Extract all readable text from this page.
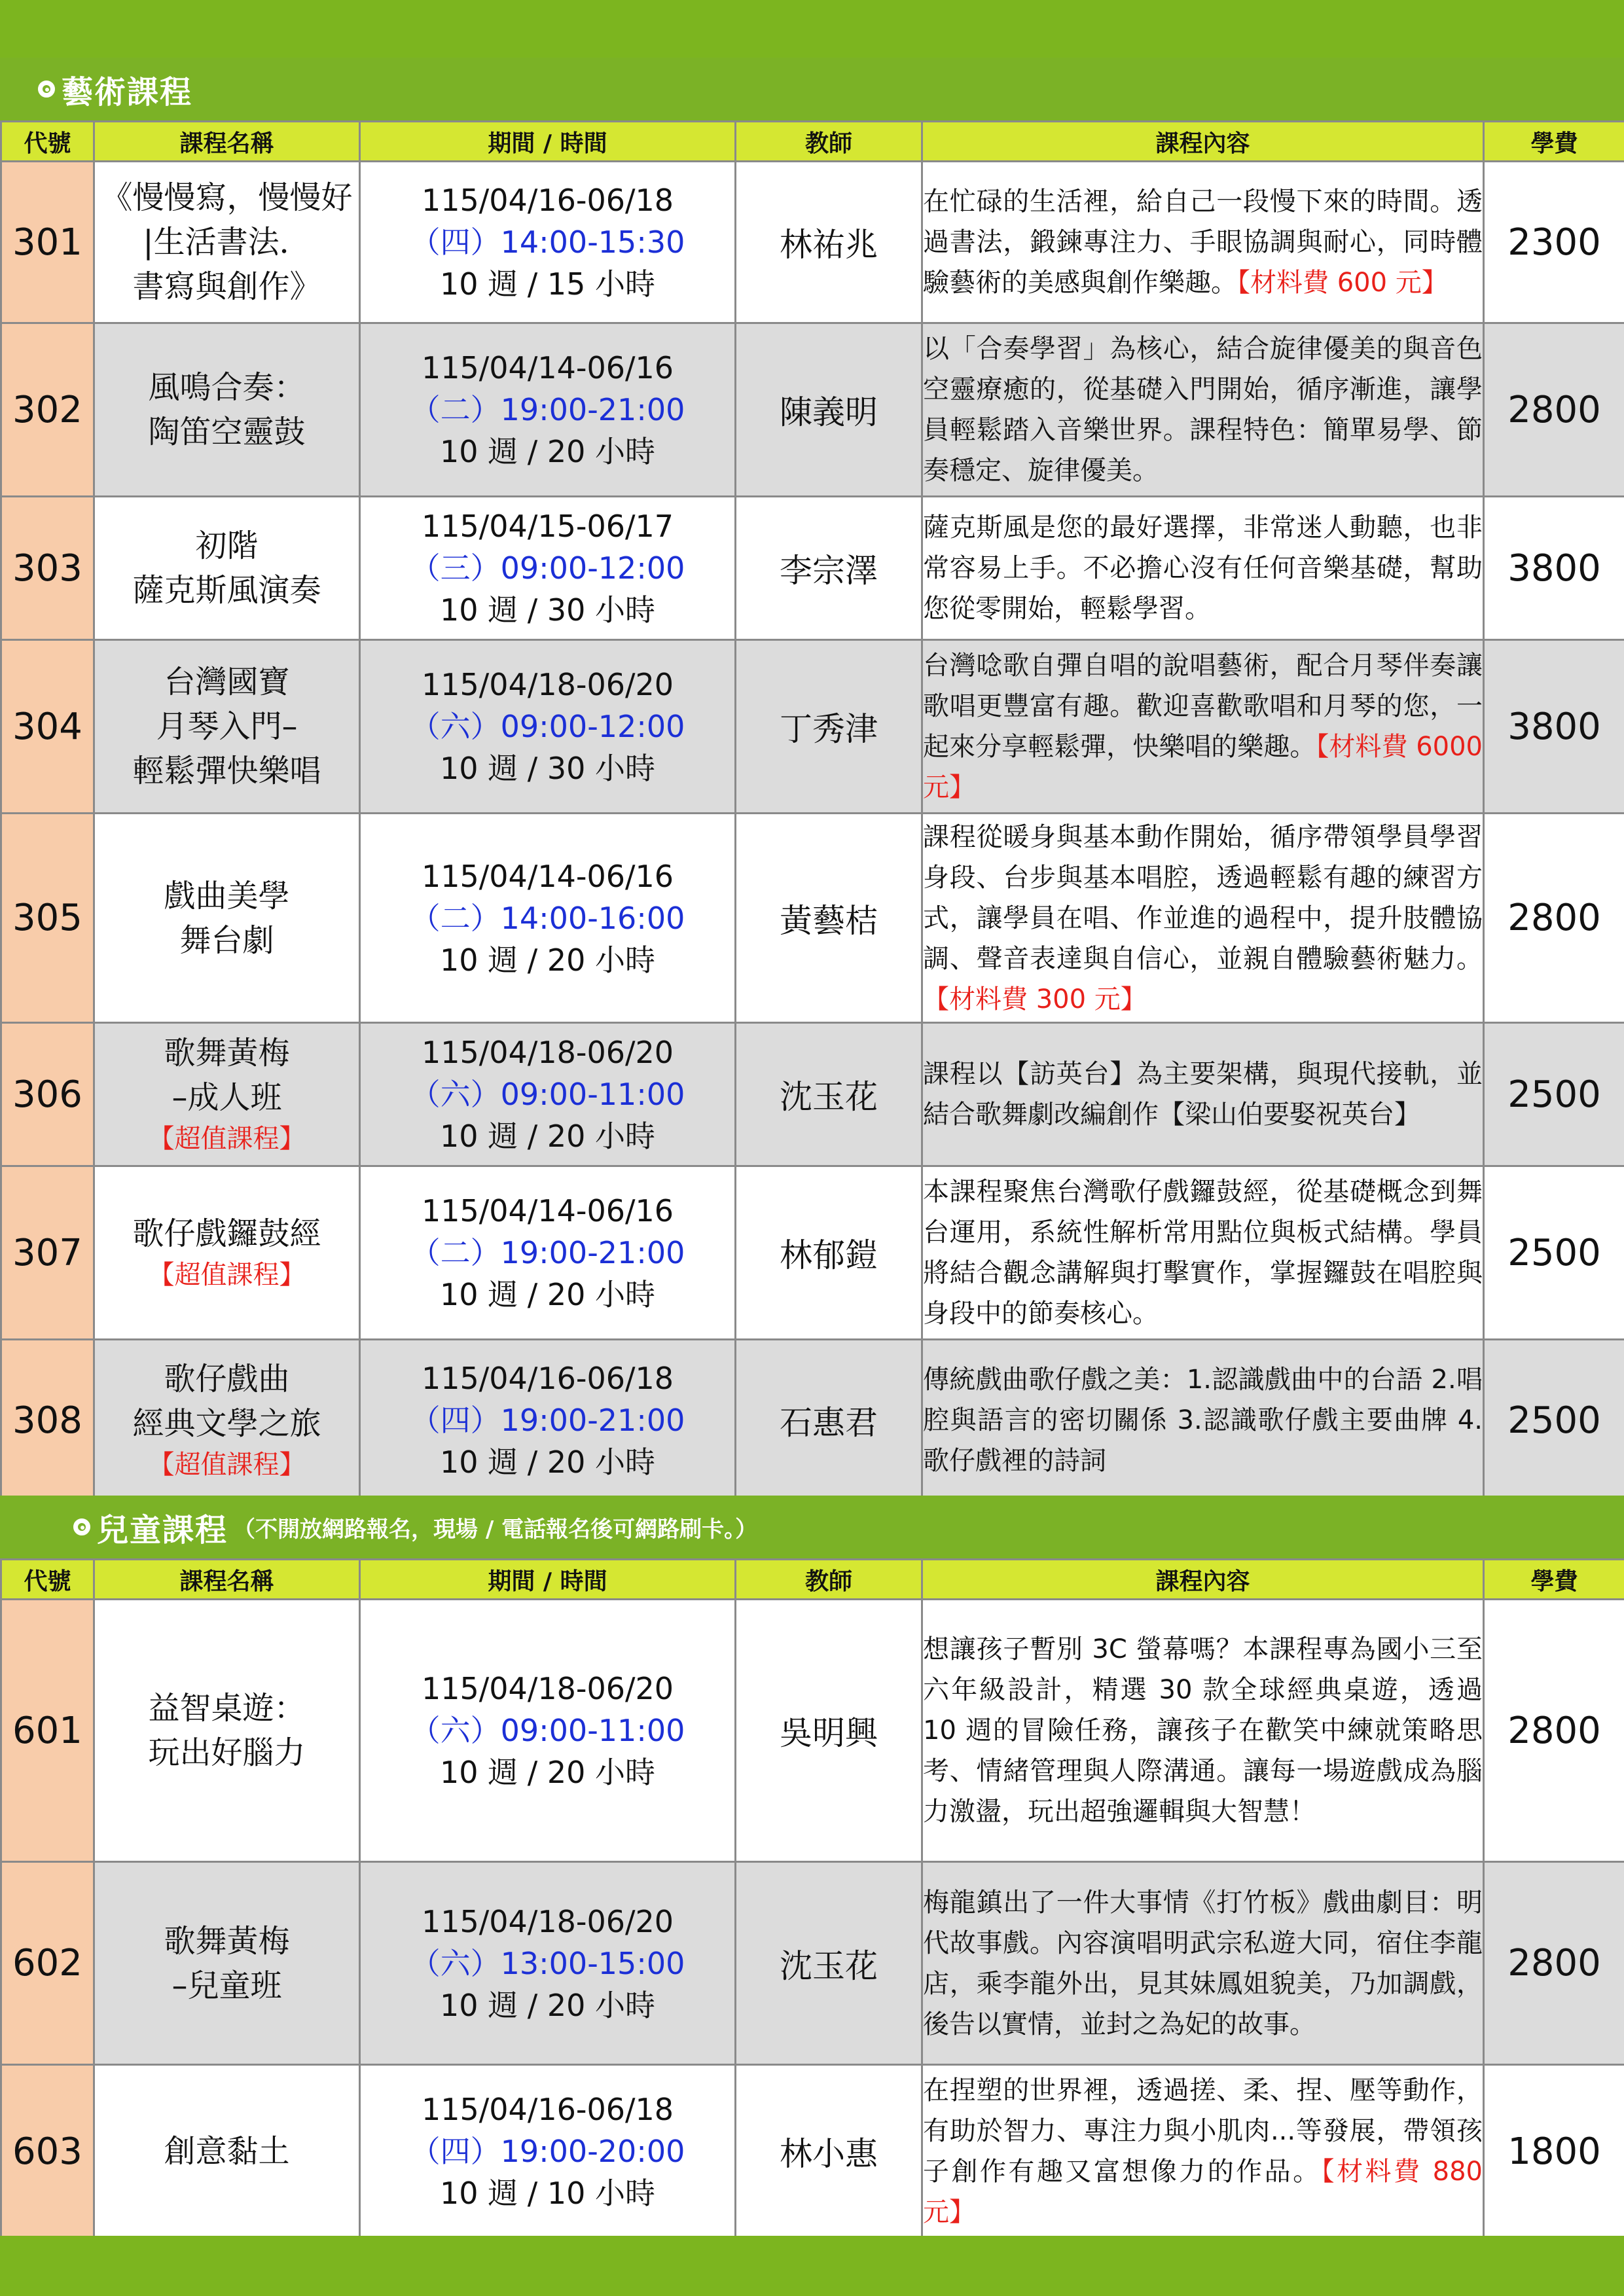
藝術課程
代號	課程名稱	期間 / 時間	教師	課程內容	學費
301	《慢慢寫，慢慢好
|生活書法．
書寫與創作》	115/04/16-06/18
（四）14:00-15:30
10 週 / 15 小時	林祐兆	在忙碌的生活裡，給自己一段慢下來的時間。透過書法，鍛鍊專注力、手眼協調與耐心，同時體驗藝術的美感與創作樂趣。【材料費 600 元】	2300
302	風鳴合奏：
陶笛空靈鼓	115/04/14-06/16
（二）19:00-21:00
10 週 / 20 小時	陳義明	以「合奏學習」為核心，結合旋律優美的與音色空靈療癒的，從基礎入門開始，循序漸進，讓學員輕鬆踏入音樂世界。課程特色：簡單易學、節奏穩定、旋律優美。	2800
303	初階
薩克斯風演奏	115/04/15-06/17
（三）09:00-12:00
10 週 / 30 小時	李宗澤	薩克斯風是您的最好選擇，非常迷人動聽，也非常容易上手。不必擔心沒有任何音樂基礎，幫助您從零開始，輕鬆學習。	3800
304	台灣國寶
月琴入門–
輕鬆彈快樂唱	115/04/18-06/20
（六）09:00-12:00
10 週 / 30 小時	丁秀津	台灣唸歌自彈自唱的說唱藝術，配合月琴伴奏讓歌唱更豐富有趣。歡迎喜歡歌唱和月琴的您，一起來分享輕鬆彈，快樂唱的樂趣。【材料費 6000 元】	3800
305	戲曲美學
舞台劇	115/04/14-06/16
（二）14:00-16:00
10 週 / 20 小時	黃藝桔	課程從暖身與基本動作開始，循序帶領學員學習身段、台步與基本唱腔，透過輕鬆有趣的練習方式，讓學員在唱、作並進的過程中，提升肢體協調、聲音表達與自信心，並親自體驗藝術魅力。【材料費 300 元】	2800
306	歌舞黃梅
–成人班
【超值課程】	115/04/18-06/20
（六）09:00-11:00
10 週 / 20 小時	沈玉花	課程以【訪英台】為主要架構，與現代接軌，並結合歌舞劇改編創作【梁山伯要娶祝英台】	2500
307	歌仔戲鑼鼓經
【超值課程】	115/04/14-06/16
（二）19:00-21:00
10 週 / 20 小時	林郁鎧	本課程聚焦台灣歌仔戲鑼鼓經，從基礎概念到舞台運用，系統性解析常用點位與板式結構。學員將結合觀念講解與打擊實作，掌握鑼鼓在唱腔與身段中的節奏核心。	2500
308	歌仔戲曲
經典文學之旅
【超值課程】	115/04/16-06/18
（四）19:00-21:00
10 週 / 20 小時	石惠君	傳統戲曲歌仔戲之美：1.認識戲曲中的台語 2.唱腔與語言的密切關係 3.認識歌仔戲主要曲牌 4.歌仔戲裡的詩詞	2500
兒童課程 （不開放網路報名，現場 / 電話報名後可網路刷卡。）
代號	課程名稱	期間 / 時間	教師	課程內容	學費
601	益智桌遊：
玩出好腦力	115/04/18-06/20
（六）09:00-11:00
10 週 / 20 小時	吳明興	想讓孩子暫別 3C 螢幕嗎？本課程專為國小三至六年級設計，精選 30 款全球經典桌遊，透過 10 週的冒險任務，讓孩子在歡笑中練就策略思考、情緒管理與人際溝通。讓每一場遊戲成為腦力激盪，玩出超強邏輯與大智慧！	2800
602	歌舞黃梅
–兒童班	115/04/18-06/20
（六）13:00-15:00
10 週 / 20 小時	沈玉花	梅龍鎮出了一件大事情《打竹板》戲曲劇目：明代故事戲。內容演唱明武宗私遊大同，宿住李龍店，乘李龍外出，見其妹鳳姐貌美，乃加調戲，後告以實情，並封之為妃的故事。	2800
603	創意黏土	115/04/16-06/18
（四）19:00-20:00
10 週 / 10 小時	林小惠	在捏塑的世界裡，透過搓、柔、捏、壓等動作，有助於智力、專注力與小肌肉...等發展，帶領孩子創作有趣又富想像力的作品。【材料費 880 元】	1800
